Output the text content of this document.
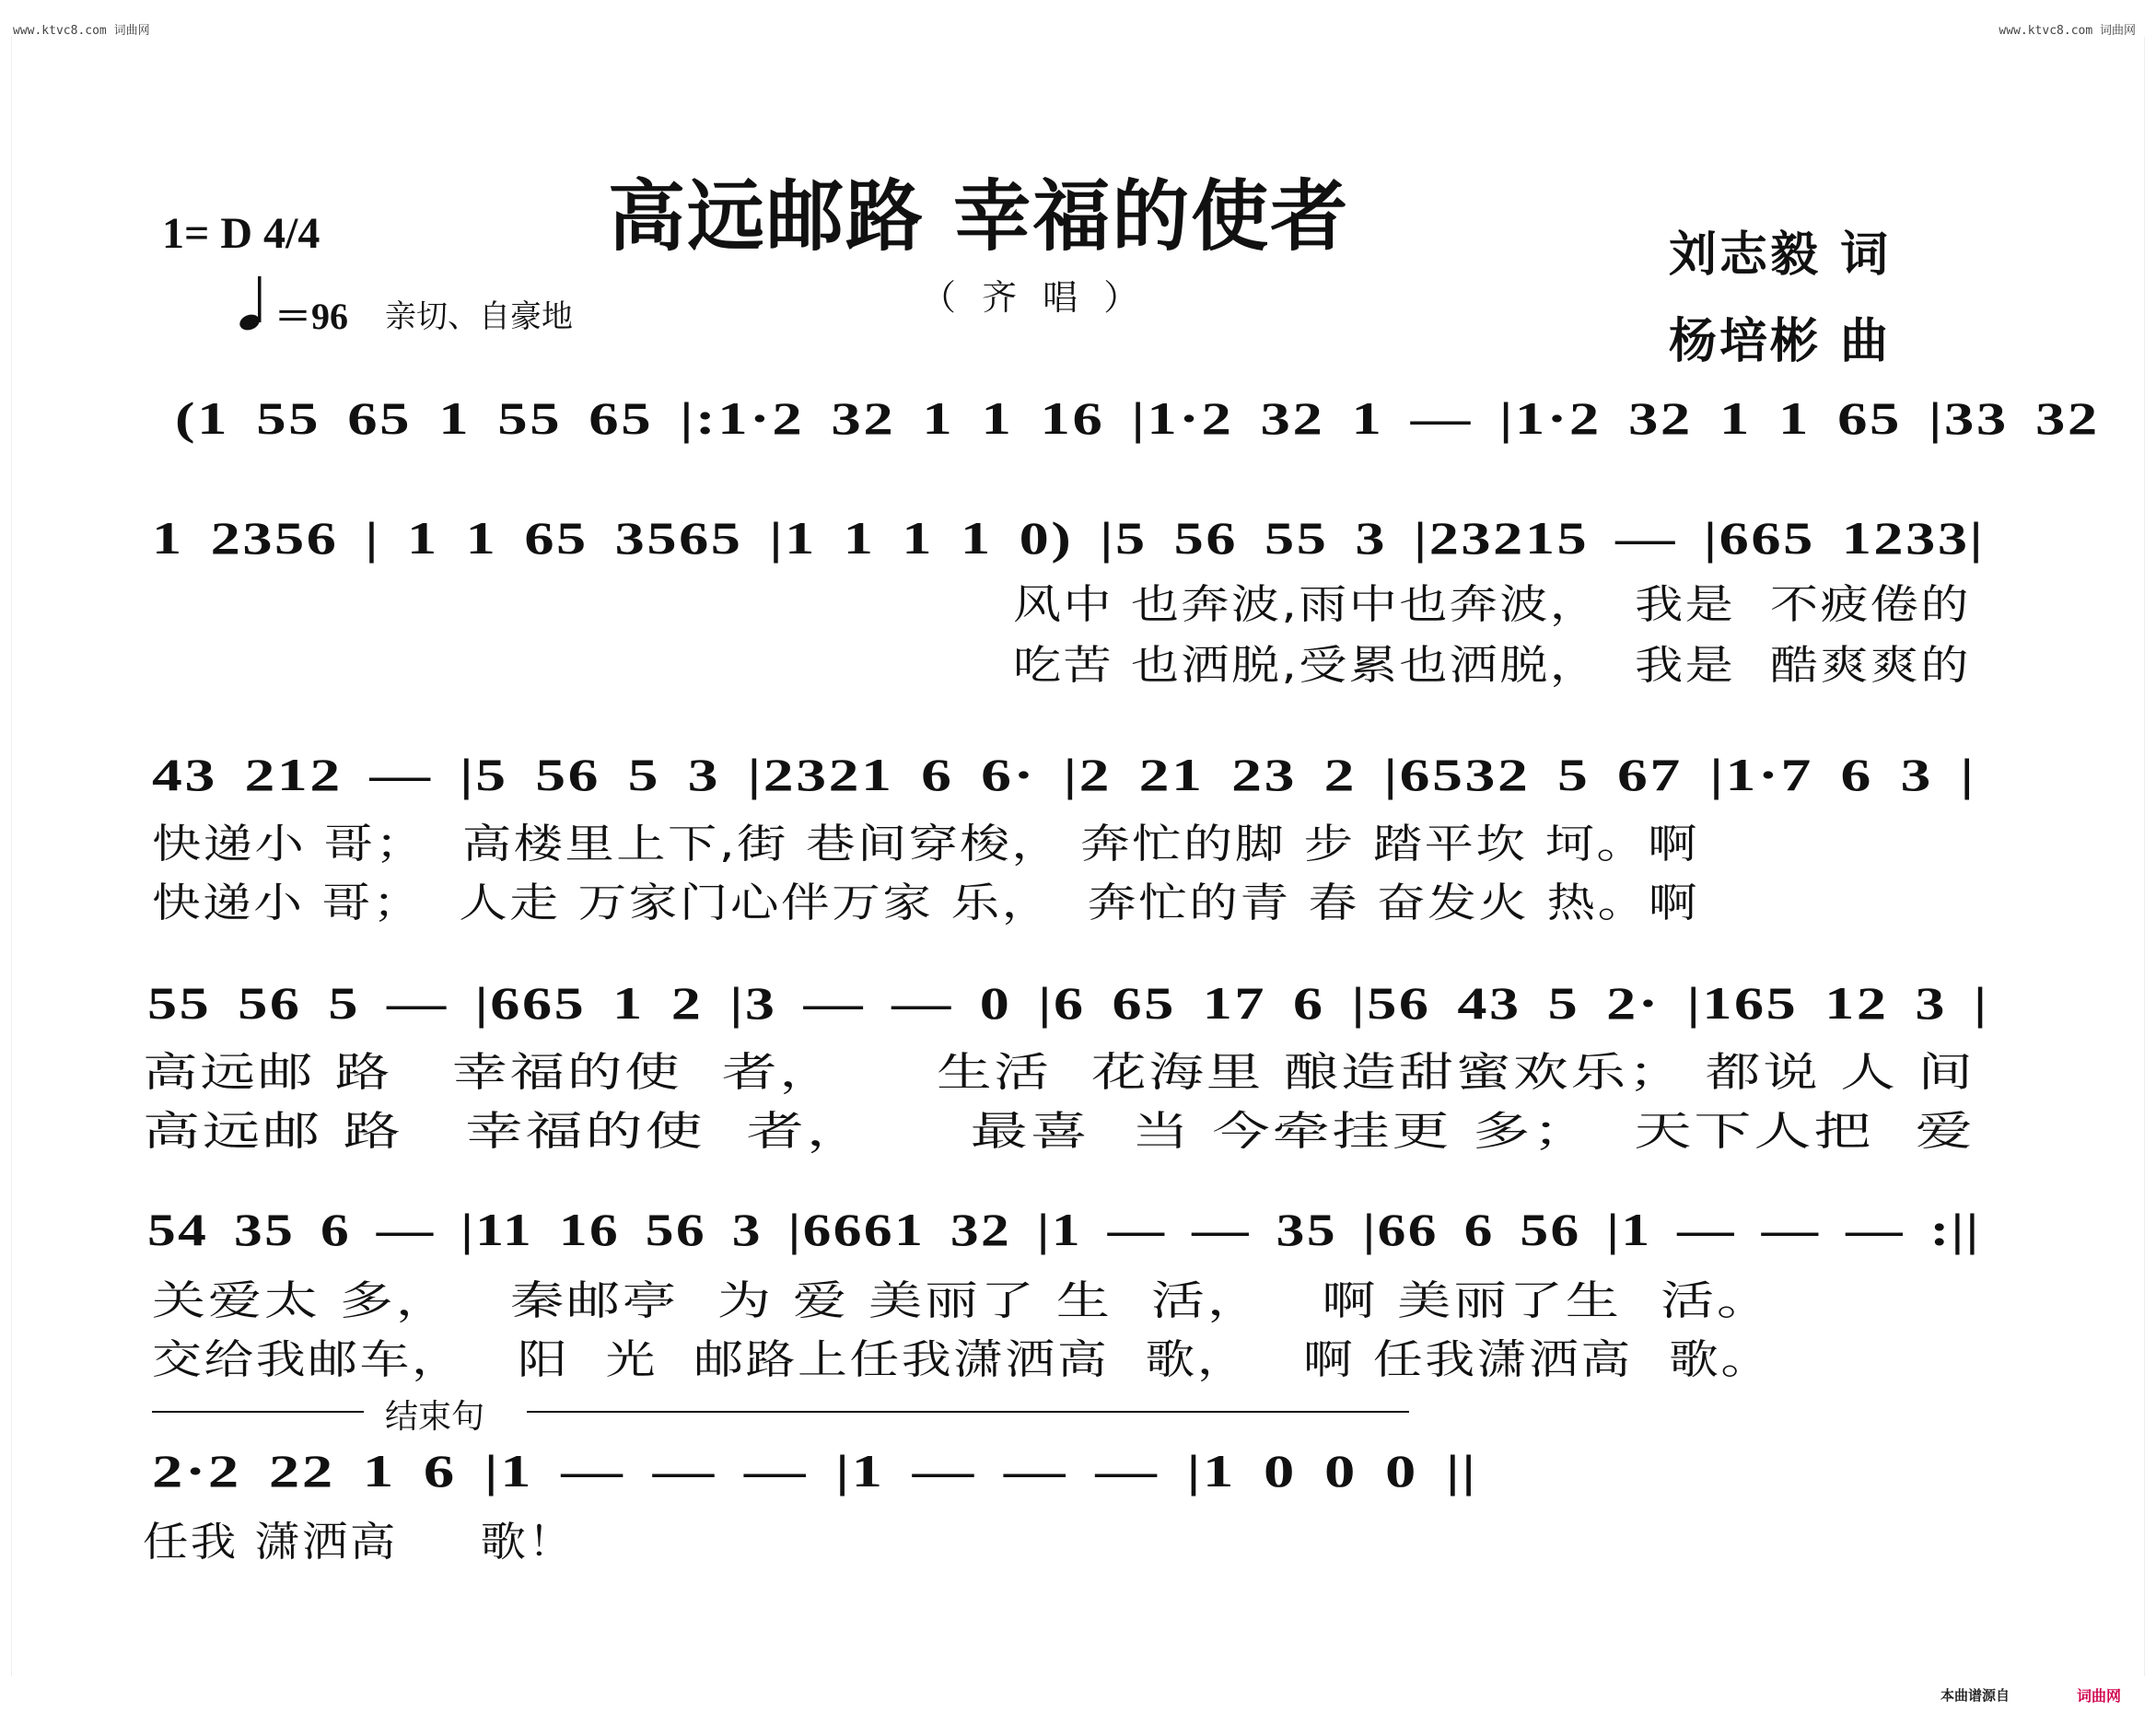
www.ktvc8.com 词曲网	www.ktvc8.com 词曲网
高远邮路 幸福的使者
（ 齐 唱 ）
1= D 4/4
＝96 亲切、自豪地
刘志毅 词
杨培彬 曲
(1 55 65 1 55 65 |:1·2 32 1 1 16 |1·2 32 1 — |1·2 32 1 1 65 |33 32
1 2356 | 1 1 65 3565 |1 1 1 1 0) |5 56 55 3 |23215 — |665 1233|
风中 也奔波,雨中也奔波，  我是  不疲倦的
吃苦 也洒脱,受累也洒脱，  我是  酷爽爽的
43 212 — |5 56 5 3 |2321 6 6· |2 21 23 2 |6532 5 67 |1·7 6 3 |
快递小 哥；  高楼里上下,街 巷间穿梭， 奔忙的脚 步 踏平坎 坷。啊
快递小 哥；  人走 万家门心伴万家 乐，  奔忙的青 春 奋发火 热。啊
55 56 5 — |665 1 2 |3 — — 0 |6 65 17 6 |56 43 5 2· |165 12 3 |
高远邮 路   幸福的使  者，     生活  花海里 酿造甜蜜欢乐； 都说 人 间
高远邮 路   幸福的使  者，     最喜  当 今牵挂更 多；  天下人把  爱
54 35 6 — |11 16 56 3 |6661 32 |1 — — 35 |66 6 56 |1 — — — :||
关爱太 多，   秦邮亭  为 爱 美丽了 生  活，   啊 美丽了生  活。
交给我邮车，   阳  光  邮路上任我潇洒高  歌，   啊 任我潇洒高  歌。
结束句
2·2 22 1 6 |1 — — — |1 — — — |1 0 0 0 ||
任我 潇洒高     歌！
本曲谱源自	词曲网
